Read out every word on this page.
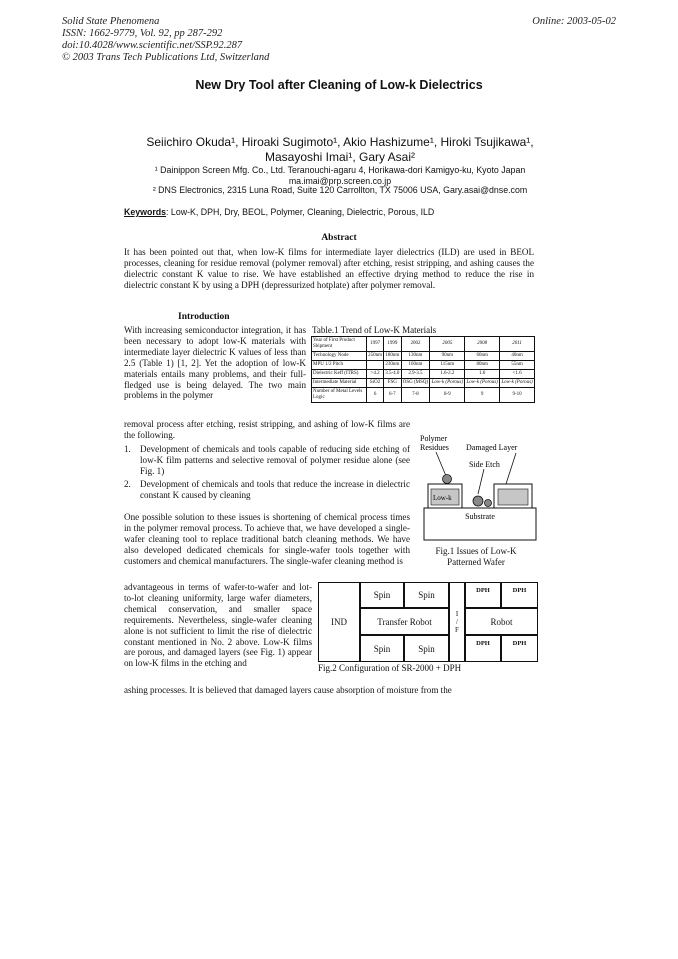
Solid State Phenomena
ISSN: 1662-9779, Vol. 92, pp 287-292
doi:10.4028/www.scientific.net/SSP.92.287
© 2003 Trans Tech Publications Ltd, Switzerland
Online: 2003-05-02
New Dry Tool after Cleaning of Low-k Dielectrics
Seiichiro Okuda¹, Hiroaki Sugimoto¹, Akio Hashizume¹, Hiroki Tsujikawa¹,
Masayoshi Imai¹, Gary Asai²
¹ Dainippon Screen Mfg. Co., Ltd. Teranouchi-agaru 4, Horikawa-dori Kamigyo-ku, Kyoto Japan
ma.imai@prp.screen.co.jp
² DNS Electronics, 2315 Luna Road, Suite 120 Carrollton, TX 75006 USA, Gary.asai@dnse.com
Keywords: Low-K, DPH, Dry, BEOL, Polymer, Cleaning, Dielectric, Porous, ILD
Abstract
It has been pointed out that, when low-K films for intermediate layer dielectrics (ILD) are used in BEOL processes, cleaning for residue removal (polymer removal) after etching, resist stripping, and ashing causes the dielectric constant K value to rise. We have established an effective drying method to reduce the rise in dielectric constant K by using a DPH (depressurized hotplate) after polymer removal.
Introduction
With increasing semiconductor integration, it has been necessary to adopt low-K materials with intermediate layer dielectric K values of less than 2.5 (Table 1) [1, 2]. Yet the adoption of low-K materials entails many problems, and their full-fledged use is being delayed. The two main problems in the polymer
removal process after etching, resist stripping, and ashing of low-K films are the following.
1. Development of chemicals and tools capable of reducing side etching of low-K film patterns and selective removal of polymer residue alone (see Fig. 1)
2. Development of chemicals and tools that reduce the increase in dielectric constant K caused by cleaning
One possible solution to these issues is shortening of chemical process times in the polymer removal process. To achieve that, we have developed a single-wafer cleaning tool to replace traditional batch cleaning methods. We have also developed dedicated chemicals for single-wafer tools together with customers and chemical manufacturers. The single-wafer cleaning method is
advantageous in terms of wafer-to-wafer and lot-to-lot cleaning uniformity, large wafer diameters, chemical conservation, and smaller space requirements. Nevertheless, single-wafer cleaning alone is not sufficient to limit the rise of dielectric constant mentioned in No. 2 above. Low-K films are porous, and damaged layers (see Fig. 1) appear on low-K films in the etching and
ashing processes. It is believed that damaged layers cause absorption of moisture from the
Table.1 Trend of Low-K Materials
Year of First Product Shipment	1997	1999	2002	2005	2008	2011
Technology Node	250nm	180nm	130nm	90nm	60nm	40nm
MPU 1/2 Pitch		230nm	160nm	115nm	80nm	55nm
Dielectric Keff (ITRS)	>4.2	3.5-4.0	2.9-3.5	1.6-2.2	1.6	<1.6
Intermediate Material	SiO2	FSG	OSG (MSQ)	Low-k (Porous)	Low-k (Porous)	Low-k (Porous)
Number of Metal Levels Logic	6	6-7	7-8	8-9	9	9-10
Polymer
Residues Damaged Layer
Side Etch
Low-k
Substrate
Fig.1 Issues of Low-K
Patterned Wafer
IND
Spin	Spin
Transfer Robot
Spin	Spin
I
/
F
DPH	DPH
Robot
DPH	DPH
Fig.2 Configuration of SR-2000 + DPH
